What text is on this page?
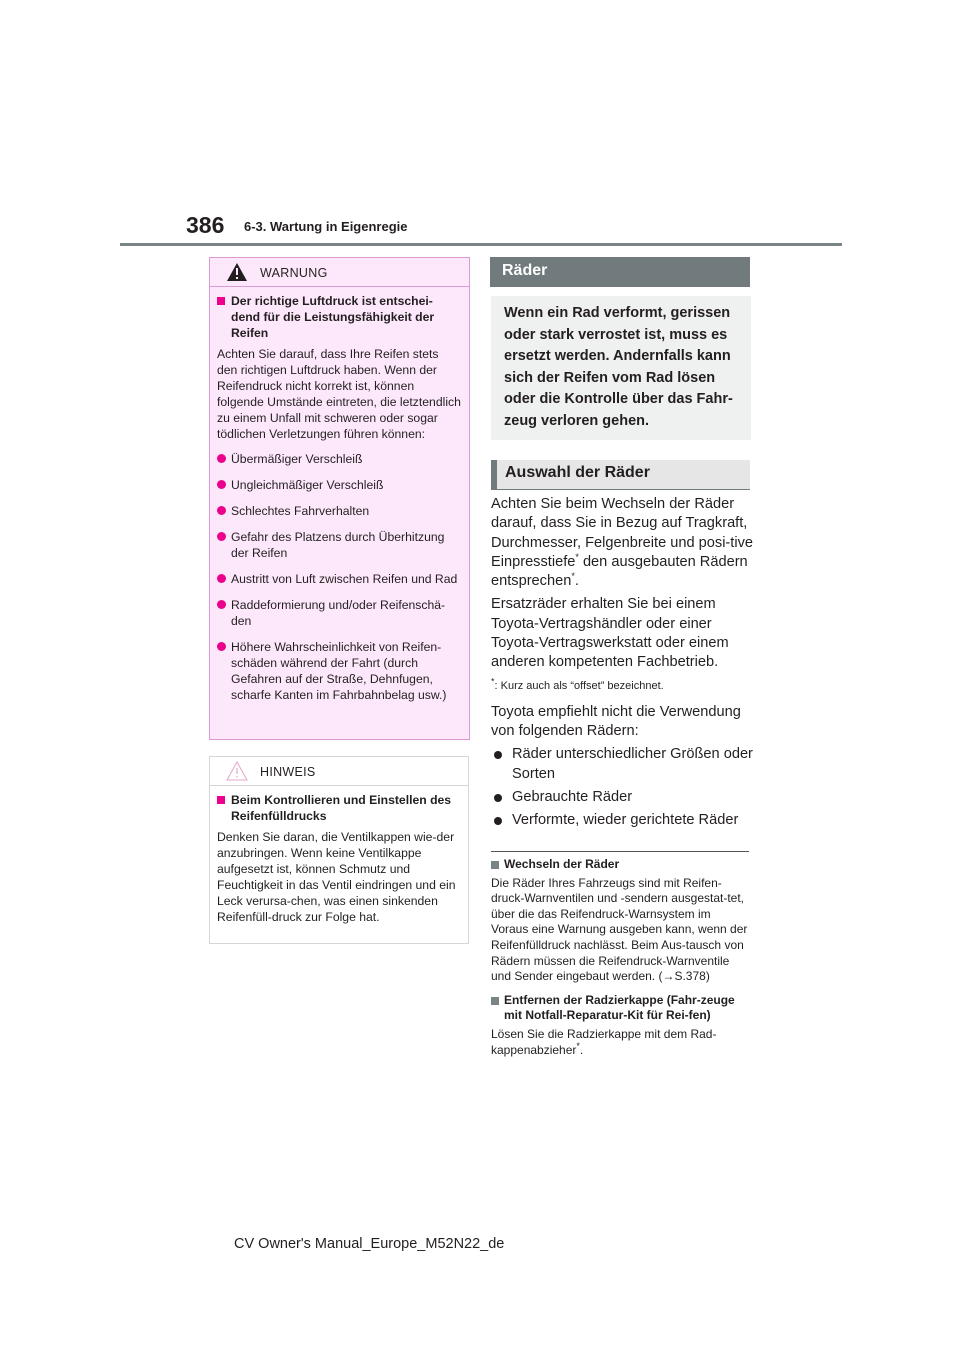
386 6-3. Wartung in Eigenregie
WARNUNG
Der richtige Luftdruck ist entschei-dend für die Leistungsfähigkeit der Reifen
Achten Sie darauf, dass Ihre Reifen stets den richtigen Luftdruck haben. Wenn der Reifendruck nicht korrekt ist, können folgende Umstände eintreten, die letztendlich zu einem Unfall mit schweren oder sogar tödlichen Verletzungen führen können:
Übermäßiger Verschleiß
Ungleichmäßiger Verschleiß
Schlechtes Fahrverhalten
Gefahr des Platzens durch Überhitzung der Reifen
Austritt von Luft zwischen Reifen und Rad
Raddeformierung und/oder Reifenschä-den
Höhere Wahrscheinlichkeit von Reifen-schäden während der Fahrt (durch Gefahren auf der Straße, Dehnfugen, scharfe Kanten im Fahrbahnbelag usw.)
HINWEIS
Beim Kontrollieren und Einstellen des Reifenfülldrucks
Denken Sie daran, die Ventilkappen wie-der anzubringen. Wenn keine Ventilkappe aufgesetzt ist, können Schmutz und Feuchtigkeit in das Ventil eindringen und ein Leck verursa-chen, was einen sinkenden Reifenfüll-druck zur Folge hat.
Räder
Wenn ein Rad verformt, gerissen oder stark verrostet ist, muss es ersetzt werden. Andernfalls kann sich der Reifen vom Rad lösen oder die Kontrolle über das Fahr-zeug verloren gehen.
Auswahl der Räder

Achten Sie beim Wechseln der Räder darauf, dass Sie in Bezug auf Tragkraft, Durchmesser, Felgenbreite und posi-tive Einpresstiefe* den ausgebauten Rädern entsprechen*.

Ersatzräder erhalten Sie bei einem Toyota-Vertragshändler oder einer Toyota-Vertragswerkstatt oder einem anderen kompetenten Fachbetrieb.

*: Kurz auch als “offset” bezeichnet.

Toyota empfiehlt nicht die Verwendung von folgenden Rädern:

Räder unterschiedlicher Größen oder Sorten
Gebrauchte Räder
Verformte, wieder gerichtete Räder
Wechseln der Räder
Die Räder Ihres Fahrzeugs sind mit Reifen-druck-Warnventilen und -sendern ausgestat-tet, über die das Reifendruck-Warnsystem im Voraus eine Warnung ausgeben kann, wenn der Reifenfülldruck nachlässt. Beim Aus-tausch von Rädern müssen die Reifendruck-Warnventile und Sender eingebaut werden. (→S.378)
Entfernen der Radzierkappe (Fahr-zeuge mit Notfall-Reparatur-Kit für Rei-fen)
Lösen Sie die Radzierkappe mit dem Rad-kappenabzieher*.
CV Owner's Manual_Europe_M52N22_de
